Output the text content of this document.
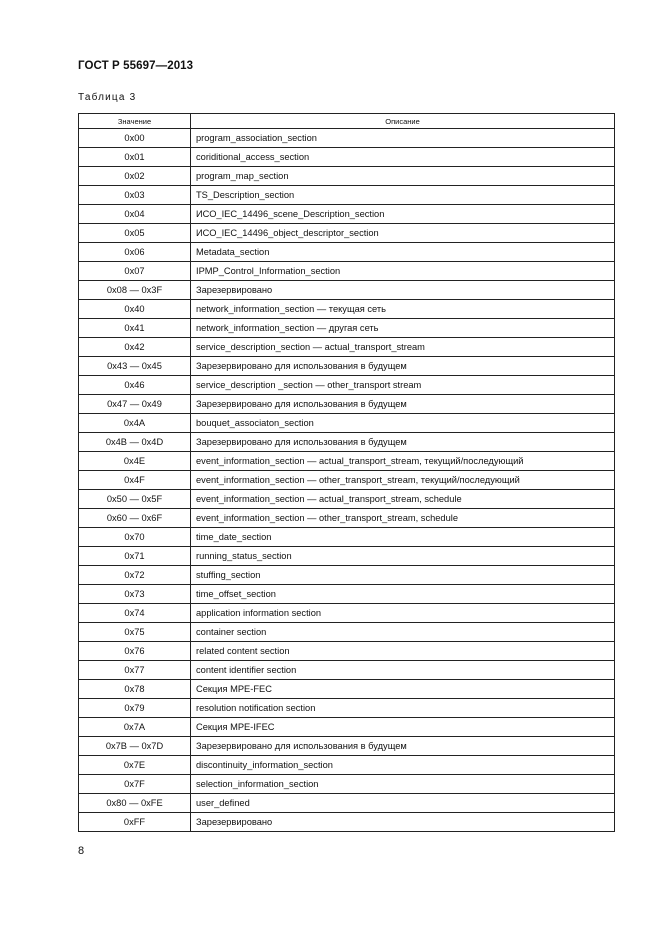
ГОСТ Р 55697—2013
Таблица 3
Значение	Описание
0x00	program_association_section
0x01	coriditional_access_section
0x02	program_map_section
0x03	TS_Description_section
0x04	ИСО_IEC_14496_scene_Description_section
0x05	ИСО_IEC_14496_object_descriptor_section
0x06	Metadata_section
0x07	IPMP_Control_Information_section
0x08 — 0x3F	Зарезервировано
0x40	network_information_section — текущая сеть
0x41	network_information_section — другая сеть
0x42	service_description_section — actual_transport_stream
0x43 — 0x45	Зарезервировано для использования в будущем
0x46	service_description _section — other_transport stream
0x47 — 0x49	Зарезервировано для использования в будущем
0x4A	bouquet_associaton_section
0x4B — 0x4D	Зарезервировано для использования в будущем
0x4E	event_information_section — actual_transport_stream, текущий/последующий
0x4F	event_information_section — other_transport_stream, текущий/последующий
0x50 — 0x5F	event_information_section — actual_transport_stream, schedule
0x60 — 0x6F	event_information_section — other_transport_stream, schedule
0x70	time_date_section
0x71	running_status_section
0x72	stuffing_section
0x73	time_offset_section
0x74	application information section
0x75	container section
0x76	related content section
0x77	content identifier section
0x78	Секция MPE-FEC
0x79	resolution notification section
0x7A	Секция MPE-IFEC
0x7B — 0x7D	Зарезервировано для использования в будущем
0x7E	discontinuity_information_section
0x7F	selection_information_section
0x80 — 0xFE	user_defined
0xFF	Зарезервировано
8
